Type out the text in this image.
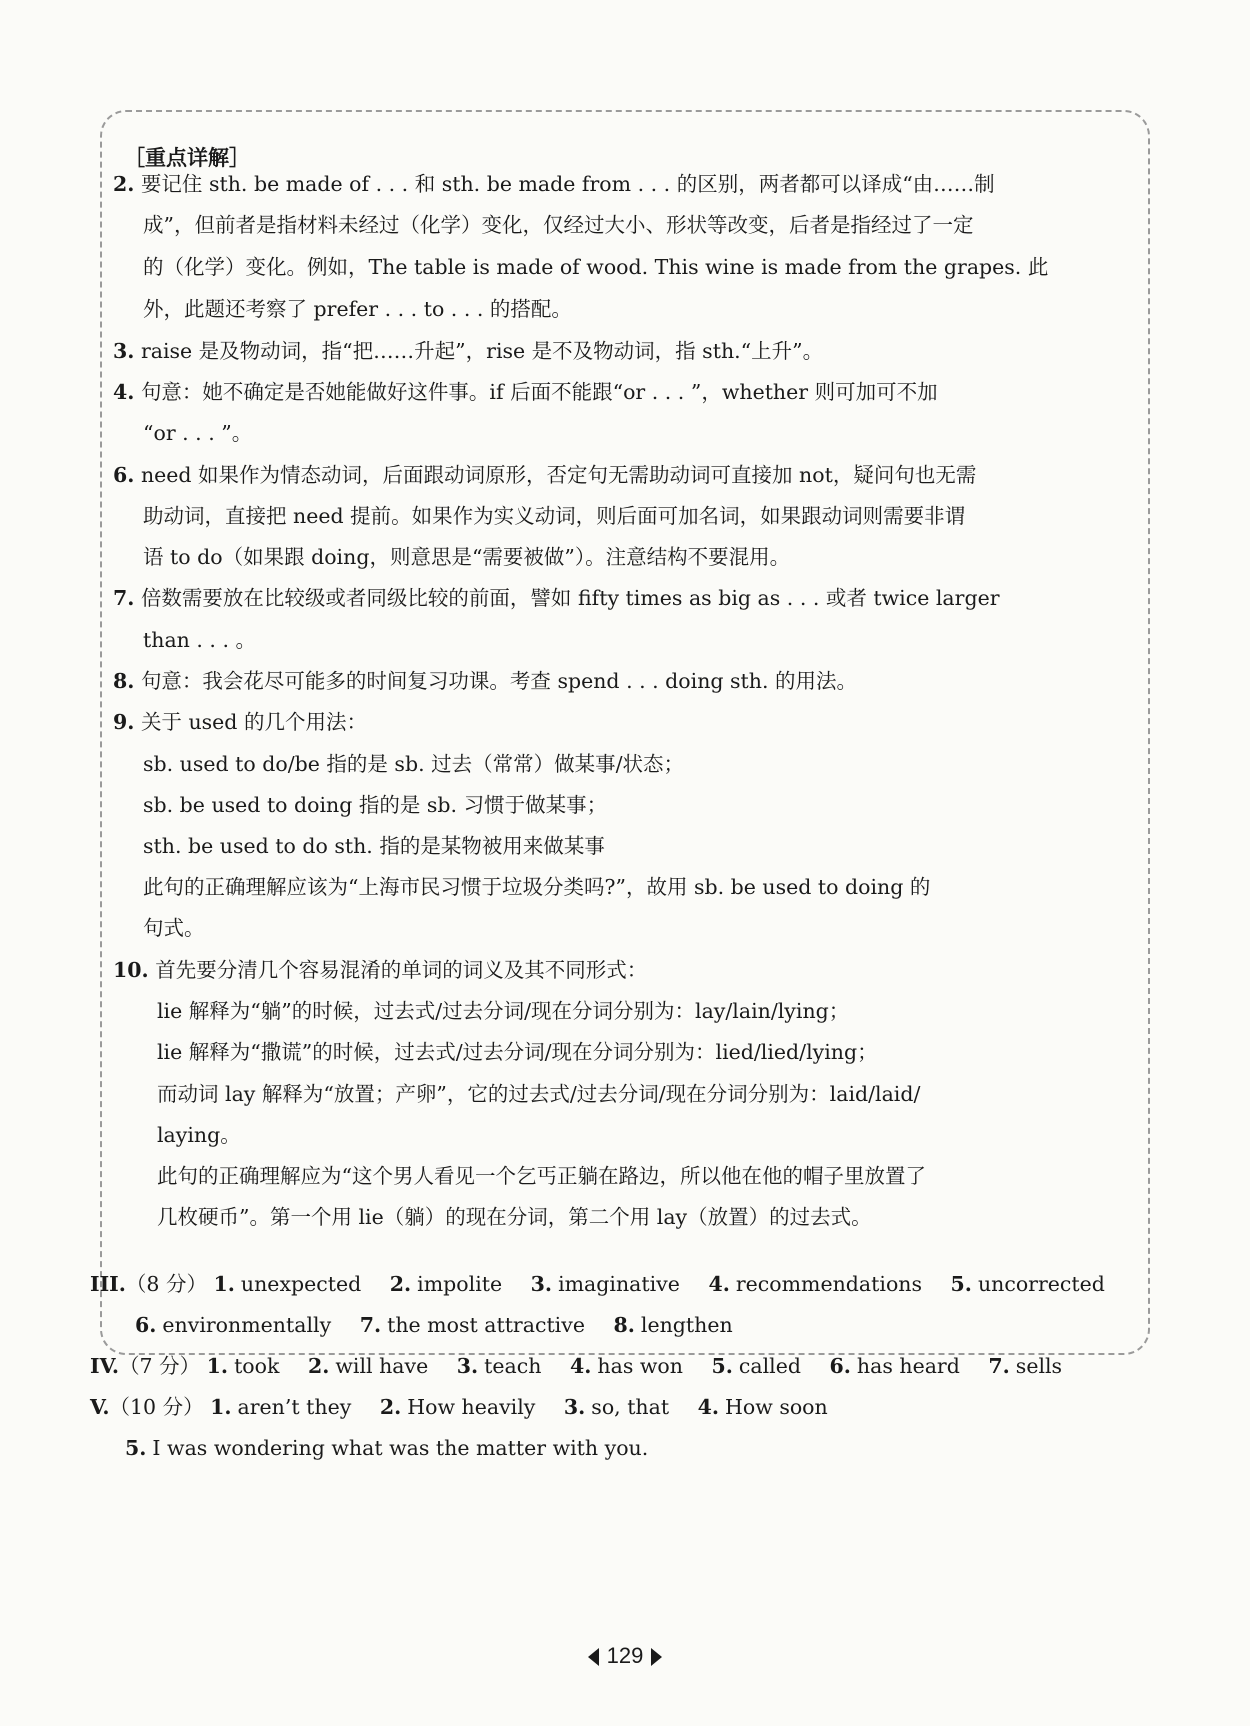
［重点详解］
2. 要记住 sth. be made of . . . 和 sth. be made from . . . 的区别，两者都可以译成“由……制
成”，但前者是指材料未经过（化学）变化，仅经过大小、形状等改变，后者是指经过了一定
的（化学）变化。例如，The table is made of wood. This wine is made from the grapes. 此
外，此题还考察了 prefer . . . to . . . 的搭配。
3. raise 是及物动词，指“把……升起”，rise 是不及物动词，指 sth.“上升”。
4. 句意：她不确定是否她能做好这件事。if 后面不能跟“or . . . ”，whether 则可加可不加
“or . . . ”。
6. need 如果作为情态动词，后面跟动词原形，否定句无需助动词可直接加 not，疑问句也无需
助动词，直接把 need 提前。如果作为实义动词，则后面可加名词，如果跟动词则需要非谓
语 to do（如果跟 doing，则意思是“需要被做”）。注意结构不要混用。
7. 倍数需要放在比较级或者同级比较的前面，譬如 fifty times as big as . . . 或者 twice larger
than . . . 。
8. 句意：我会花尽可能多的时间复习功课。考查 spend . . . doing sth. 的用法。
9. 关于 used 的几个用法：
sb. used to do/be 指的是 sb. 过去（常常）做某事/状态；
sb. be used to doing 指的是 sb. 习惯于做某事；
sth. be used to do sth. 指的是某物被用来做某事
此句的正确理解应该为“上海市民习惯于垃圾分类吗?”，故用 sb. be used to doing 的
句式。
10. 首先要分清几个容易混淆的单词的词义及其不同形式：
lie 解释为“躺”的时候，过去式/过去分词/现在分词分别为：lay/lain/lying；
lie 解释为“撒谎”的时候，过去式/过去分词/现在分词分别为：lied/lied/lying；
而动词 lay 解释为“放置；产卵”，它的过去式/过去分词/现在分词分别为：laid/laid/
laying。
此句的正确理解应为“这个男人看见一个乞丐正躺在路边，所以他在他的帽子里放置了
几枚硬币”。第一个用 lie（躺）的现在分词，第二个用 lay（放置）的过去式。
III.（8 分） 1. unexpected 2. impolite 3. imaginative 4. recommendations 5. uncorrected
6. environmentally 7. the most attractive 8. lengthen
IV.（7 分） 1. took 2. will have 3. teach 4. has won 5. called 6. has heard 7. sells
V.（10 分） 1. aren’t they 2. How heavily 3. so, that 4. How soon
5. I was wondering what was the matter with you.
129
